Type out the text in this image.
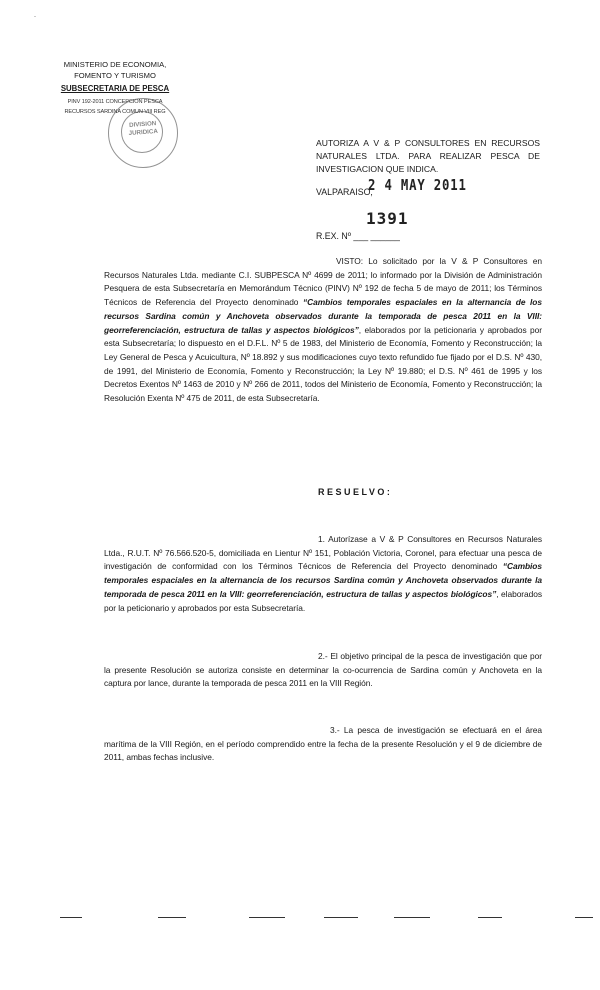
-
MINISTERIO DE ECONOMIA,
FOMENTO Y TURISMO
SUBSECRETARIA DE PESCA
PINV 192-2011 CONCEPCION PESCA
RECURSOS SARDINA COMUN VIII REG
DIVISION
JURIDICA
AUTORIZA A V & P CONSULTORES EN RECURSOS NATURALES LTDA. PARA REALIZAR PESCA DE INVESTIGACION QUE INDICA.
VALPARAISO,
2 4 MAY 2011
1391
R.EX. Nº ___ ______
VISTO: Lo solicitado por la V & P Consultores en Recursos Naturales Ltda. mediante C.I. SUBPESCA Nº 4699 de 2011; lo informado por la División de Administración Pesquera de esta Subsecretaría en Memorándum Técnico (PINV) Nº 192 de fecha 5 de mayo de 2011; los Términos Técnicos de Referencia del Proyecto denominado “Cambios temporales espaciales en la alternancia de los recursos Sardina común y Anchoveta observados durante la temporada de pesca 2011 en la VIII: georreferenciación, estructura de tallas y aspectos biológicos”, elaborados por la peticionaria y aprobados por esta Subsecretaría; lo dispuesto en el D.F.L. Nº 5 de 1983, del Ministerio de Economía, Fomento y Reconstrucción; la Ley General de Pesca y Acuicultura, Nº 18.892 y sus modificaciones cuyo texto refundido fue fijado por el D.S. Nº 430, de 1991, del Ministerio de Economía, Fomento y Reconstrucción; la Ley Nº 19.880; el D.S. Nº 461 de 1995 y los Decretos Exentos Nº 1463 de 2010 y Nº 266 de 2011, todos del Ministerio de Economía, Fomento y Reconstrucción; la Resolución Exenta Nº 475 de 2011, de esta Subsecretaría.
RESUELVO:
1. Autorízase a V & P Consultores en Recursos Naturales Ltda., R.U.T. Nº 76.566.520-5, domiciliada en Lientur Nº 151, Población Victoria, Coronel, para efectuar una pesca de investigación de conformidad con los Términos Técnicos de Referencia del Proyecto denominado “Cambios temporales espaciales en la alternancia de los recursos Sardina común y Anchoveta observados durante la temporada de pesca 2011 en la VIII: georreferenciación, estructura de tallas y aspectos biológicos”, elaborados por la peticionario y aprobados por esta Subsecretaría.
2.- El objetivo principal de la pesca de investigación que por la presente Resolución se autoriza consiste en determinar la co-ocurrencia de Sardina común y Anchoveta en la captura por lance, durante la temporada de pesca 2011 en la VIII Región.
3.- La pesca de investigación se efectuará en el área marítima de la VIII Región, en el período comprendido entre la fecha de la presente Resolución y el 9 de diciembre de 2011, ambas fechas inclusive.
